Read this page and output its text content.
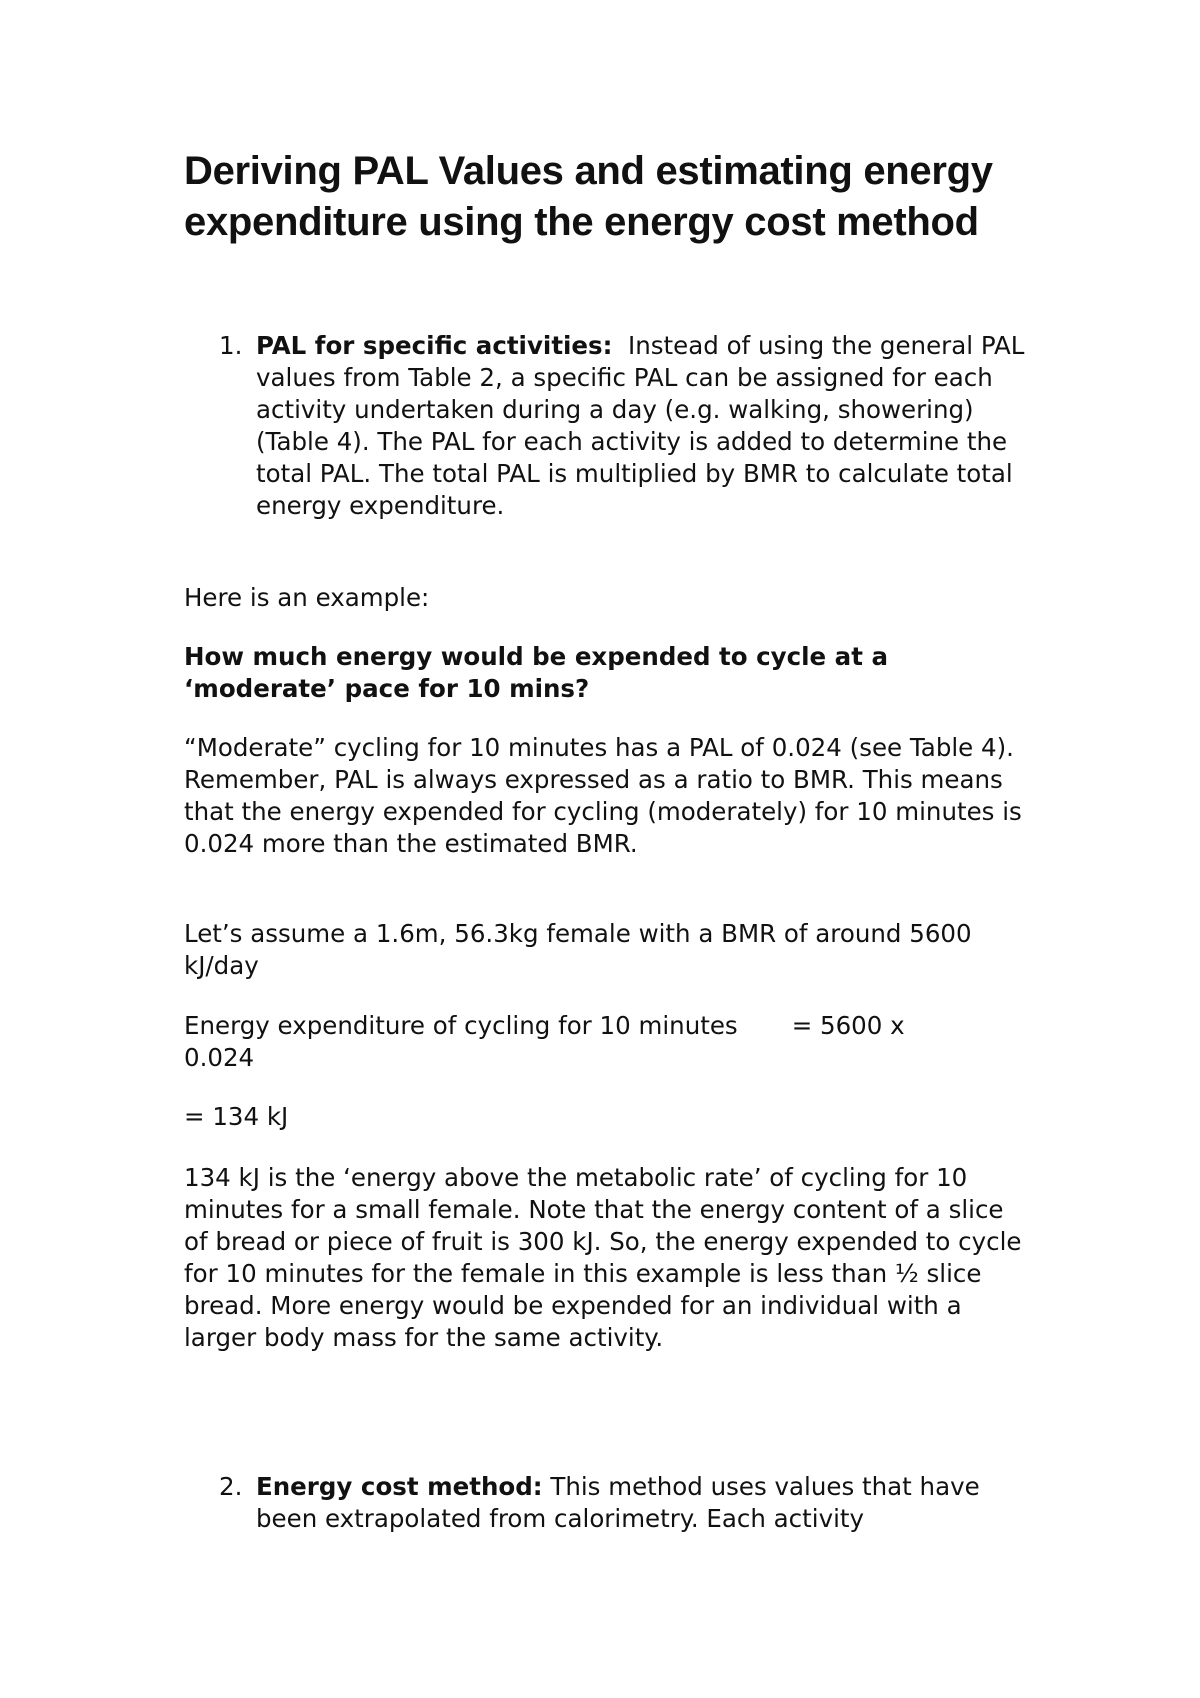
Deriving PAL Values and estimating energy expenditure using the energy cost method
1. PAL for specific activities: Instead of using the general PAL values from Table 2, a specific PAL can be assigned for each activity undertaken during a day (e.g. walking, showering) (Table 4). The PAL for each activity is added to determine the total PAL. The total PAL is multiplied by BMR to calculate total energy expenditure.

Here is an example:

How much energy would be expended to cycle at a ‘moderate’ pace for 10 mins?

“Moderate” cycling for 10 minutes has a PAL of 0.024 (see Table 4). Remember, PAL is always expressed as a ratio to BMR. This means that the energy expended for cycling (moderately) for 10 minutes is 0.024 more than the estimated BMR.

Let’s assume a 1.6m, 56.3kg female with a BMR of around 5600 kJ/day

Energy expenditure of cycling for 10 minutes = 5600 x
0.024

= 134 kJ

134 kJ is the ‘energy above the metabolic rate’ of cycling for 10 minutes for a small female. Note that the energy content of a slice of bread or piece of fruit is 300 kJ. So, the energy expended to cycle for 10 minutes for the female in this example is less than ½ slice bread. More energy would be expended for an individual with a larger body mass for the same activity.

2. Energy cost method: This method uses values that have been extrapolated from calorimetry. Each activity
